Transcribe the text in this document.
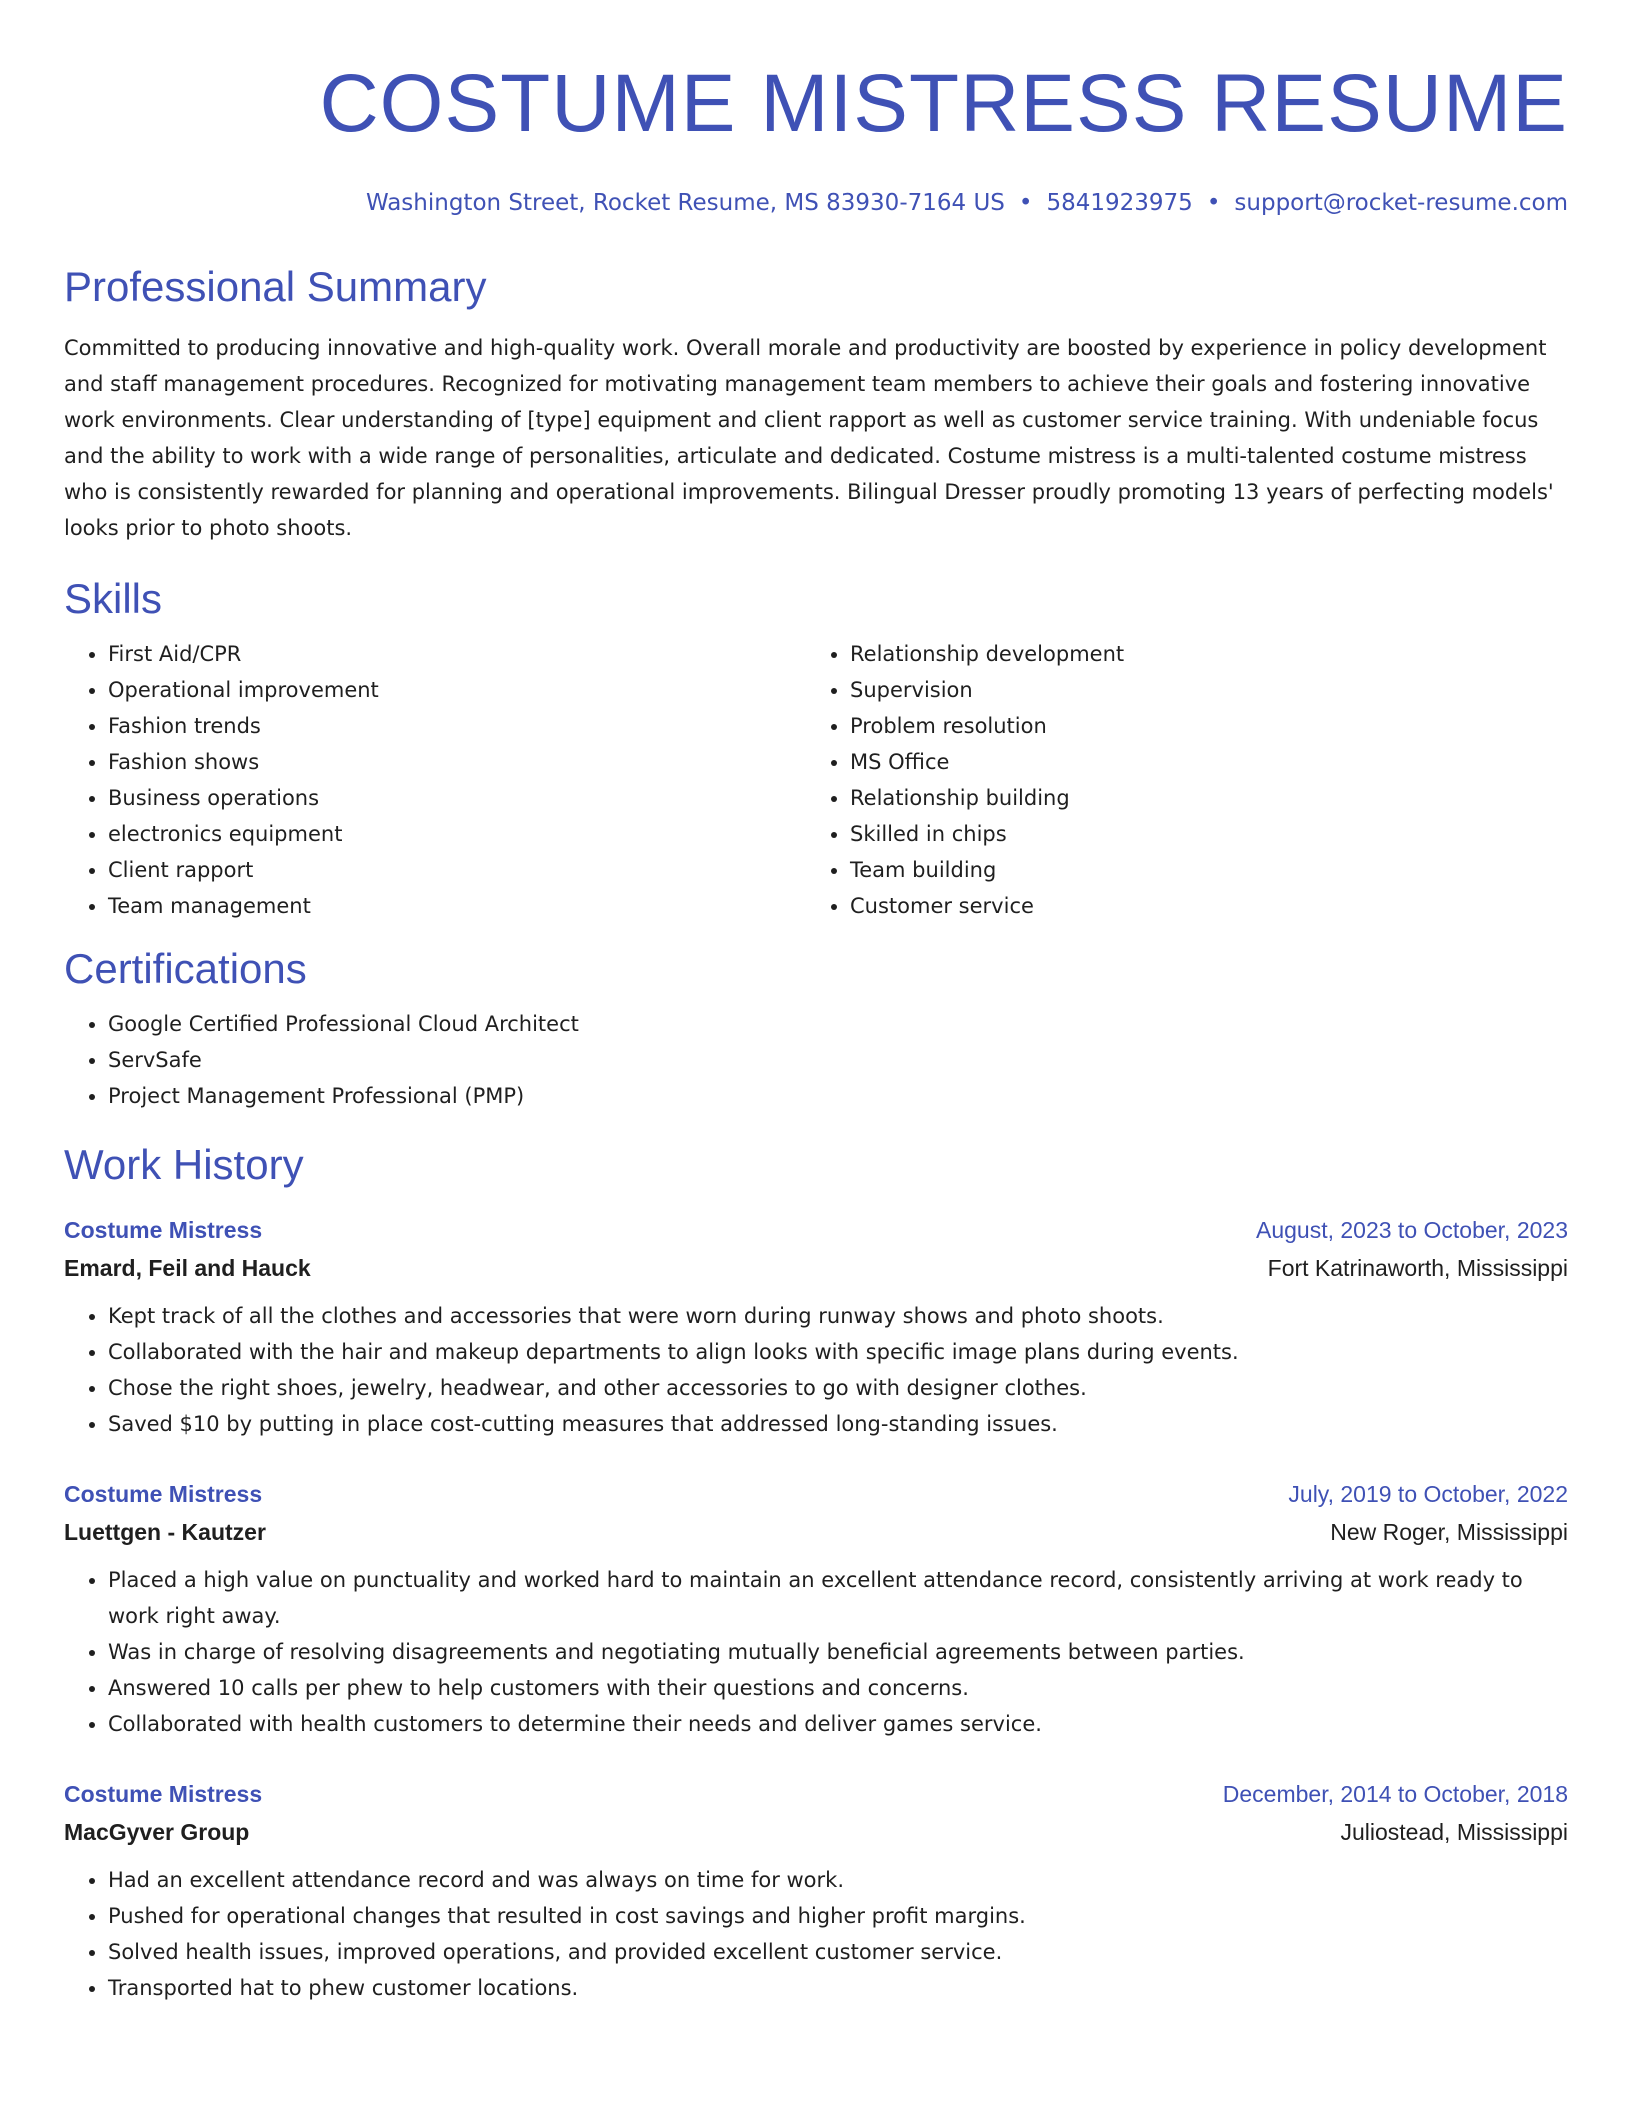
COSTUME MISTRESS RESUME
Washington Street, Rocket Resume, MS 83930-7164 US • 5841923975 • support@rocket-resume.com
Professional Summary

Committed to producing innovative and high-quality work. Overall morale and productivity are boosted by experience in policy development and staff management procedures. Recognized for motivating management team members to achieve their goals and fostering innovative work environments. Clear understanding of [type] equipment and client rapport as well as customer service training. With undeniable focus and the ability to work with a wide range of personalities, articulate and dedicated. Costume mistress is a multi-talented costume mistress who is consistently rewarded for planning and operational improvements. Bilingual Dresser proudly promoting 13 years of perfecting models' looks prior to photo shoots.

Skills
• First Aid/CPR
• Operational improvement
• Fashion trends
• Fashion shows
• Business operations
• electronics equipment
• Client rapport
• Team management
• Relationship development
• Supervision
• Problem resolution
• MS Office
• Relationship building
• Skilled in chips
• Team building
• Customer service
Certifications
• Google Certified Professional Cloud Architect
• ServSafe
• Project Management Professional (PMP)
Work History
Costume Mistress	August, 2023 to October, 2023
Emard, Feil and Hauck	Fort Katrinaworth, Mississippi
• Kept track of all the clothes and accessories that were worn during runway shows and photo shoots.
• Collaborated with the hair and makeup departments to align looks with specific image plans during events.
• Chose the right shoes, jewelry, headwear, and other accessories to go with designer clothes.
• Saved $10 by putting in place cost-cutting measures that addressed long-standing issues.
Costume Mistress	July, 2019 to October, 2022
Luettgen - Kautzer	New Roger, Mississippi
• Placed a high value on punctuality and worked hard to maintain an excellent attendance record, consistently arriving at work ready to work right away.
• Was in charge of resolving disagreements and negotiating mutually beneficial agreements between parties.
• Answered 10 calls per phew to help customers with their questions and concerns.
• Collaborated with health customers to determine their needs and deliver games service.
Costume Mistress	December, 2014 to October, 2018
MacGyver Group	Juliostead, Mississippi
• Had an excellent attendance record and was always on time for work.
• Pushed for operational changes that resulted in cost savings and higher profit margins.
• Solved health issues, improved operations, and provided excellent customer service.
• Transported hat to phew customer locations.
